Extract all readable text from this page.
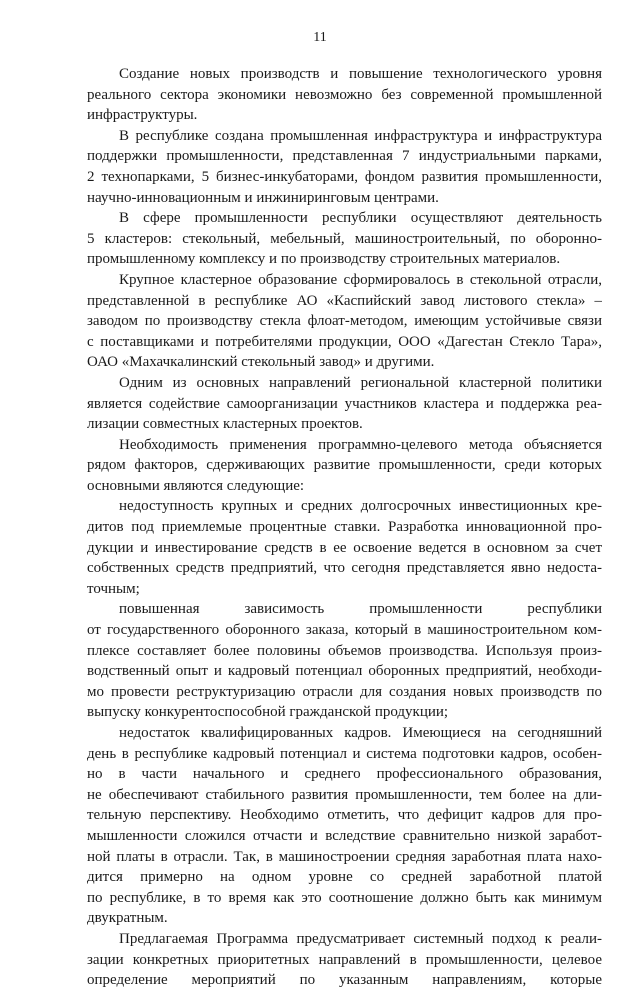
11
Создание новых производств и повышение технологического уровня
реального сектора экономики невозможно без современной промышленной
инфраструктуры.
В республике создана промышленная инфраструктура и инфраструктура
поддержки промышленности, представленная 7 индустриальными парками,
2 технопарками, 5 бизнес-инкубаторами, фондом развития промышленности,
научно-инновационным и инжиниринговым центрами.
В сфере промышленности республики осуществляют деятельность
5 кластеров: стекольный, мебельный, машиностроительный, по оборонно-
промышленному комплексу и по производству строительных материалов.
Крупное кластерное образование сформировалось в стекольной отрасли,
представленной в республике АО «Каспийский завод листового стекла» –
заводом по производству стекла флоат-методом, имеющим устойчивые связи
с поставщиками и потребителями продукции, ООО «Дагестан Стекло Тара»,
ОАО «Махачкалинский стекольный завод» и другими.
Одним из основных направлений региональной кластерной политики
является содействие самоорганизации участников кластера и поддержка реа-
лизации совместных кластерных проектов.
Необходимость применения программно-целевого метода объясняется
рядом факторов, сдерживающих развитие промышленности, среди которых
основными являются следующие:
недоступность крупных и средних долгосрочных инвестиционных кре-
дитов под приемлемые процентные ставки. Разработка инновационной про-
дукции и инвестирование средств в ее освоение ведется в основном за счет
собственных средств предприятий, что сегодня представляется явно недоста-
точным;
повышенная зависимость промышленности республики
от государственного оборонного заказа, который в машиностроительном ком-
плексе составляет более половины объемов производства. Используя произ-
водственный опыт и кадровый потенциал оборонных предприятий, необходи-
мо провести реструктуризацию отрасли для создания новых производств по
выпуску конкурентоспособной гражданской продукции;
недостаток квалифицированных кадров. Имеющиеся на сегодняшний
день в республике кадровый потенциал и система подготовки кадров, особен-
но в части начального и среднего профессионального образования,
не обеспечивают стабильного развития промышленности, тем более на дли-
тельную перспективу. Необходимо отметить, что дефицит кадров для про-
мышленности сложился отчасти и вследствие сравнительно низкой заработ-
ной платы в отрасли. Так, в машиностроении средняя заработная плата нахо-
дится примерно на одном уровне со средней заработной платой
по республике, в то время как это соотношение должно быть как минимум
двукратным.
Предлагаемая Программа предусматривает системный подход к реали-
зации конкретных приоритетных направлений в промышленности, целевое
определение мероприятий по указанным направлениям, которые
